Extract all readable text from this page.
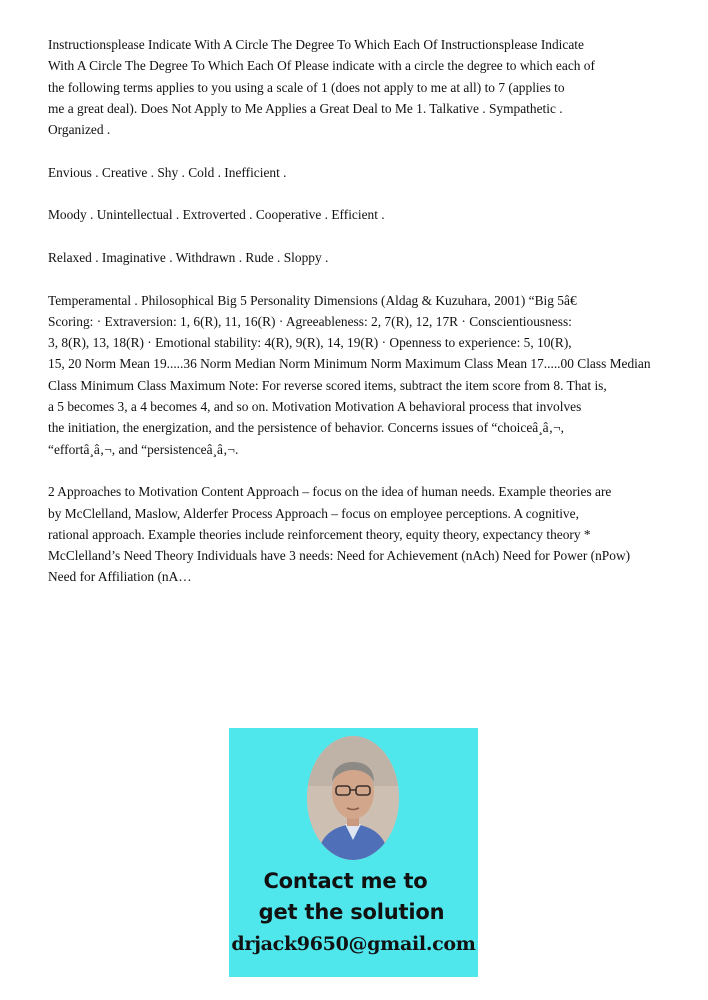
Instructionsplease Indicate With A Circle The Degree To Which Each Of Instructionsplease Indicate

With A Circle The Degree To Which Each Of Please indicate with a circle the degree to which each of

the following terms applies to you using a scale of 1 (does not apply to me at all) to 7 (applies to

me a great deal). Does Not Apply to Me Applies a Great Deal to Me 1. Talkative . Sympathetic .

Organized .

Envious . Creative . Shy . Cold . Inefficient .

Moody . Unintellectual . Extroverted . Cooperative . Efficient .

Relaxed . Imaginative . Withdrawn . Rude . Sloppy .

Temperamental . Philosophical Big 5 Personality Dimensions (Aldag & Kuzuhara, 2001) “Big 5â€

Scoring: · Extraversion: 1, 6(R), 11, 16(R) · Agreeableness: 2, 7(R), 12, 17R · Conscientiousness:

3, 8(R), 13, 18(R) · Emotional stability: 4(R), 9(R), 14, 19(R) · Openness to experience: 5, 10(R),

15, 20 Norm Mean 19.....36 Norm Median Norm Minimum Norm Maximum Class Mean 17.....00 Class Median

Class Minimum Class Maximum Note: For reverse scored items, subtract the item score from 8. That is,

a 5 becomes 3, a 4 becomes 4, and so on. Motivation Motivation A behavioral process that involves

the initiation, the energization, and the persistence of behavior. Concerns issues of “choiceâ¸â‚¬,

“effortâ¸â‚¬, and “persistenceâ¸â‚¬.

2 Approaches to Motivation Content Approach – focus on the idea of human needs. Example theories are

by McClelland, Maslow, Alderfer Process Approach – focus on employee perceptions. A cognitive,

rational approach. Example theories include reinforcement theory, equity theory, expectancy theory *

McClelland’s Need Theory Individuals have 3 needs: Need for Achievement (nAch) Need for Power (nPow)

Need for Affiliation (nA…

Contact me to
get the solution
drjack9650@gmail.com
